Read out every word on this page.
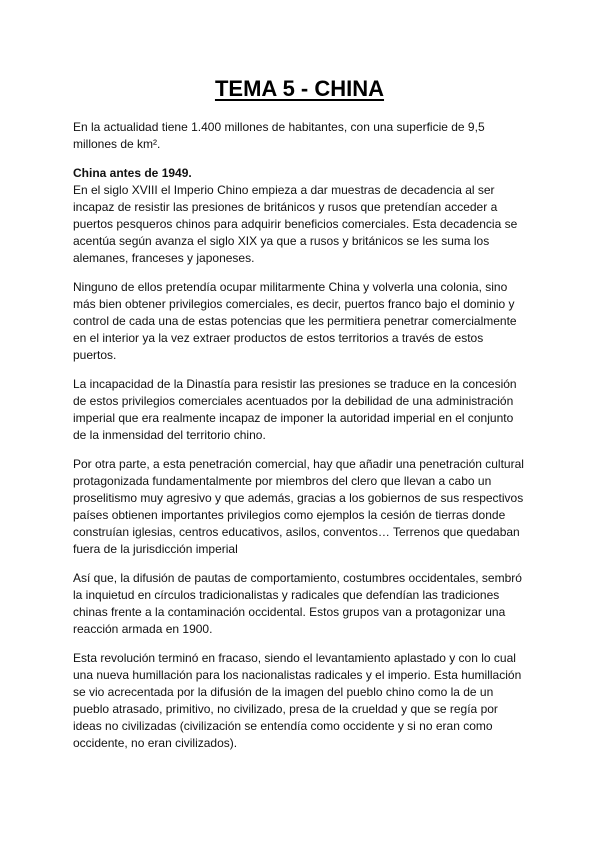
TEMA 5 - CHINA
En la actualidad tiene 1.400 millones de habitantes, con una superficie de 9,5
millones de km².
China antes de 1949.
En el siglo XVIII el Imperio Chino empieza a dar muestras de decadencia al ser
incapaz de resistir las presiones de británicos y rusos que pretendían acceder a
puertos pesqueros chinos para adquirir beneficios comerciales. Esta decadencia se
acentúa según avanza el siglo XIX ya que a rusos y británicos se les suma los
alemanes, franceses y japoneses.
Ninguno de ellos pretendía ocupar militarmente China y volverla una colonia, sino
más bien obtener privilegios comerciales, es decir, puertos franco bajo el dominio y
control de cada una de estas potencias que les permitiera penetrar comercialmente
en el interior ya la vez extraer productos de estos territorios a través de estos
puertos.
La incapacidad de la Dinastía para resistir las presiones se traduce en la concesión
de estos privilegios comerciales acentuados por la debilidad de una administración
imperial que era realmente incapaz de imponer la autoridad imperial en el conjunto
de la inmensidad del territorio chino.
Por otra parte, a esta penetración comercial, hay que añadir una penetración cultural
protagonizada fundamentalmente por miembros del clero que llevan a cabo un
proselitismo muy agresivo y que además, gracias a los gobiernos de sus respectivos
países obtienen importantes privilegios como ejemplos la cesión de tierras donde
construían iglesias, centros educativos, asilos, conventos… Terrenos que quedaban
fuera de la jurisdicción imperial
Así que, la difusión de pautas de comportamiento, costumbres occidentales, sembró
la inquietud en círculos tradicionalistas y radicales que defendían las tradiciones
chinas frente a la contaminación occidental. Estos grupos van a protagonizar una
reacción armada en 1900.
Esta revolución terminó en fracaso, siendo el levantamiento aplastado y con lo cual
una nueva humillación para los nacionalistas radicales y el imperio. Esta humillación
se vio acrecentada por la difusión de la imagen del pueblo chino como la de un
pueblo atrasado, primitivo, no civilizado, presa de la crueldad y que se regía por
ideas no civilizadas (civilización se entendía como occidente y si no eran como
occidente, no eran civilizados).
